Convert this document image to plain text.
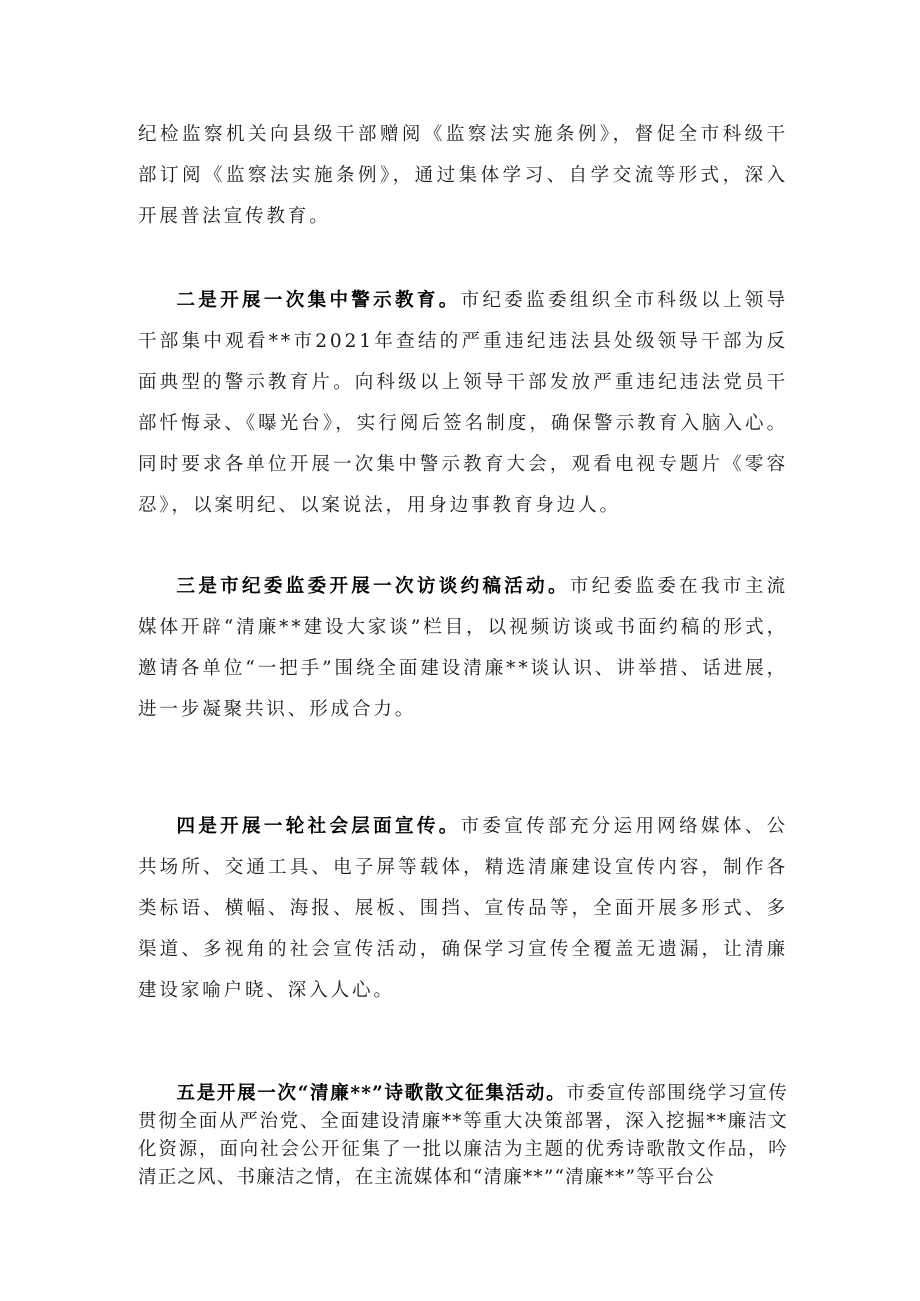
纪检监察机关向县级干部赠阅《监察法实施条例》，督促全市科级干部订阅《监察法实施条例》，通过集体学习、自学交流等形式，深入开展普法宣传教育。

二是开展一次集中警示教育。市纪委监委组织全市科级以上领导干部集中观看**市2021年查结的严重违纪违法县处级领导干部为反面典型的警示教育片。向科级以上领导干部发放严重违纪违法党员干部忏悔录、《曝光台》，实行阅后签名制度，确保警示教育入脑入心。同时要求各单位开展一次集中警示教育大会，观看电视专题片《零容忍》，以案明纪、以案说法，用身边事教育身边人。

三是市纪委监委开展一次访谈约稿活动。市纪委监委在我市主流媒体开辟“清廉**建设大家谈”栏目，以视频访谈或书面约稿的形式，邀请各单位“一把手”围绕全面建设清廉**谈认识、讲举措、话进展，进一步凝聚共识、形成合力。

四是开展一轮社会层面宣传。市委宣传部充分运用网络媒体、公共场所、交通工具、电子屏等载体，精选清廉建设宣传内容，制作各类标语、横幅、海报、展板、围挡、宣传品等，全面开展多形式、多渠道、多视角的社会宣传活动，确保学习宣传全覆盖无遗漏，让清廉建设家喻户晓、深入人心。

五是开展一次“清廉**”诗歌散文征集活动。市委宣传部围绕学习宣传贯彻全面从严治党、全面建设清廉**等重大决策部署，深入挖掘**廉洁文化资源，面向社会公开征集了一批以廉洁为主题的优秀诗歌散文作品，吟清正之风、书廉洁之情，在主流媒体和“清廉**”“清廉**”等平台公
